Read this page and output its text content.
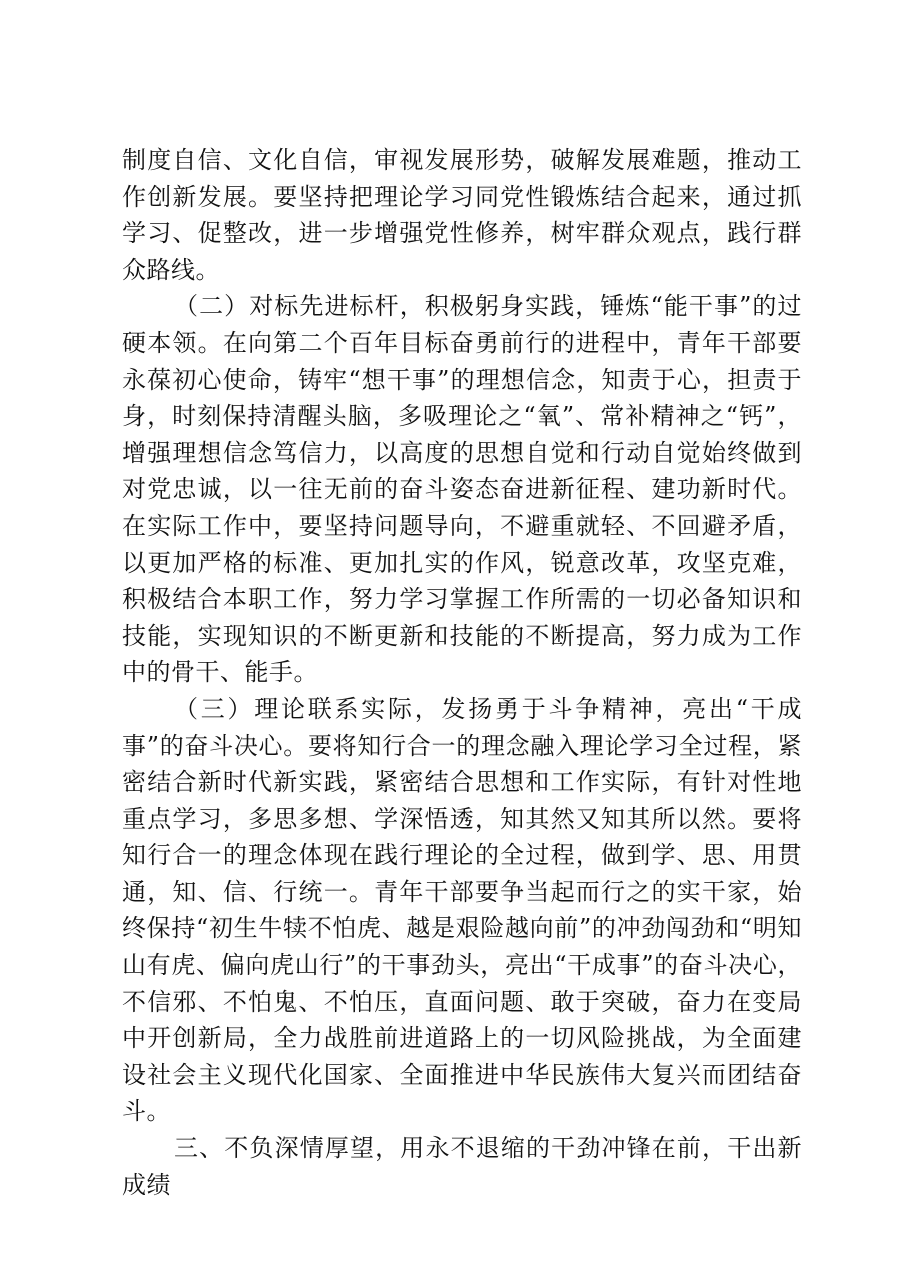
制度自信、文化自信，审视发展形势，破解发展难题，推动工作创新发展。要坚持把理论学习同党性锻炼结合起来，通过抓学习、促整改，进一步增强党性修养，树牢群众观点，践行群众路线。

（二）对标先进标杆，积极躬身实践，锤炼“能干事”的过硬本领。在向第二个百年目标奋勇前行的进程中，青年干部要永葆初心使命，铸牢“想干事”的理想信念，知责于心，担责于身，时刻保持清醒头脑，多吸理论之“氧”、常补精神之“钙”，增强理想信念笃信力，以高度的思想自觉和行动自觉始终做到对党忠诚，以一往无前的奋斗姿态奋进新征程、建功新时代。在实际工作中，要坚持问题导向，不避重就轻、不回避矛盾，以更加严格的标准、更加扎实的作风，锐意改革，攻坚克难，积极结合本职工作，努力学习掌握工作所需的一切必备知识和技能，实现知识的不断更新和技能的不断提高，努力成为工作中的骨干、能手。

（三）理论联系实际，发扬勇于斗争精神，亮出“干成事”的奋斗决心。要将知行合一的理念融入理论学习全过程，紧密结合新时代新实践，紧密结合思想和工作实际，有针对性地重点学习，多思多想、学深悟透，知其然又知其所以然。要将知行合一的理念体现在践行理论的全过程，做到学、思、用贯通，知、信、行统一。青年干部要争当起而行之的实干家，始终保持“初生牛犊不怕虎、越是艰险越向前”的冲劲闯劲和“明知山有虎、偏向虎山行”的干事劲头，亮出“干成事”的奋斗决心，不信邪、不怕鬼、不怕压，直面问题、敢于突破，奋力在变局中开创新局，全力战胜前进道路上的一切风险挑战，为全面建设社会主义现代化国家、全面推进中华民族伟大复兴而团结奋斗。

三、不负深情厚望，用永不退缩的干劲冲锋在前，干出新成绩
